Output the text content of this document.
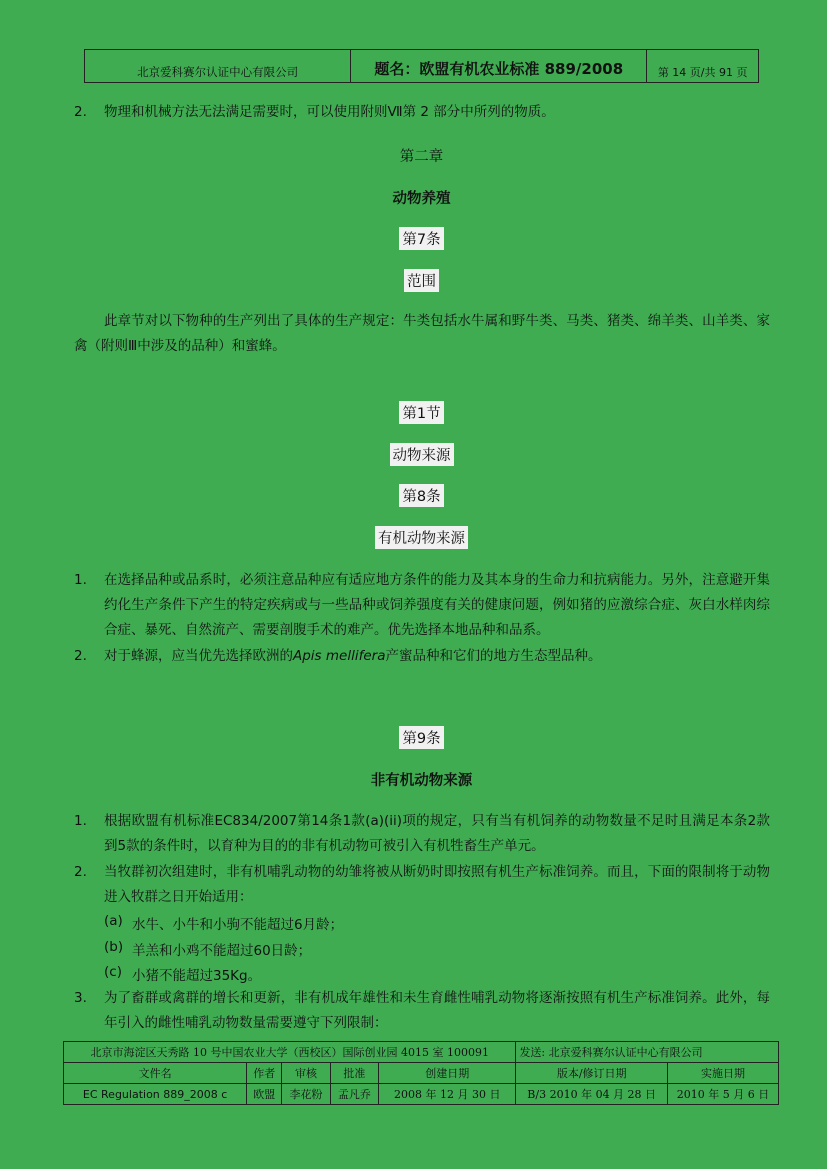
北京爱科赛尔认证中心有限公司	题名：欧盟有机农业标准 889/2008	第 14 页/共 91 页
2. 物理和机械方法无法满足需要时，可以使用附则Ⅶ第 2 部分中所列的物质。
第二章
动物养殖
第7条
范围
此章节对以下物种的生产列出了具体的生产规定：牛类包括水牛属和野牛类、马类、猪类、绵羊类、山羊类、家禽（附则Ⅲ中涉及的品种）和蜜蜂。
第1节
动物来源
第8条
有机动物来源
1. 在选择品种或品系时，必须注意品种应有适应地方条件的能力及其本身的生命力和抗病能力。另外，注意避开集约化生产条件下产生的特定疾病或与一些品种或饲养强度有关的健康问题，例如猪的应激综合症、灰白水样肉综合症、暴死、自然流产、需要剖腹手术的难产。优先选择本地品种和品系。
2. 对于蜂源，应当优先选择欧洲的Apis mellifera产蜜品种和它们的地方生态型品种。
第9条
非有机动物来源
1. 根据欧盟有机标准EC834/2007第14条1款(a)(ii)项的规定，只有当有机饲养的动物数量不足时且满足本条2款到5款的条件时，以育种为目的的非有机动物可被引入有机牲畜生产单元。
2. 当牧群初次组建时，非有机哺乳动物的幼雏将被从断奶时即按照有机生产标准饲养。而且，下面的限制将于动物进入牧群之日开始适用：
(a) 水牛、小牛和小驹不能超过6月龄；
(b) 羊羔和小鸡不能超过60日龄；
(c) 小猪不能超过35Kg。
3. 为了畜群或禽群的增长和更新，非有机成年雄性和未生育雌性哺乳动物将逐渐按照有机生产标准饲养。此外，每年引入的雌性哺乳动物数量需要遵守下列限制：
北京市海淀区天秀路 10 号中国农业大学（西校区）国际创业园 4015 室 100091					发送: 北京爱科赛尔认证中心有限公司	
文件名	作者	审核	批准	创建日期	版本/修订日期	实施日期
EC Regulation 889_2008 c	欧盟	李花粉	孟凡乔	2008 年 12 月 30 日	B/3 2010 年 04 月 28 日	2010 年 5 月 6 日
